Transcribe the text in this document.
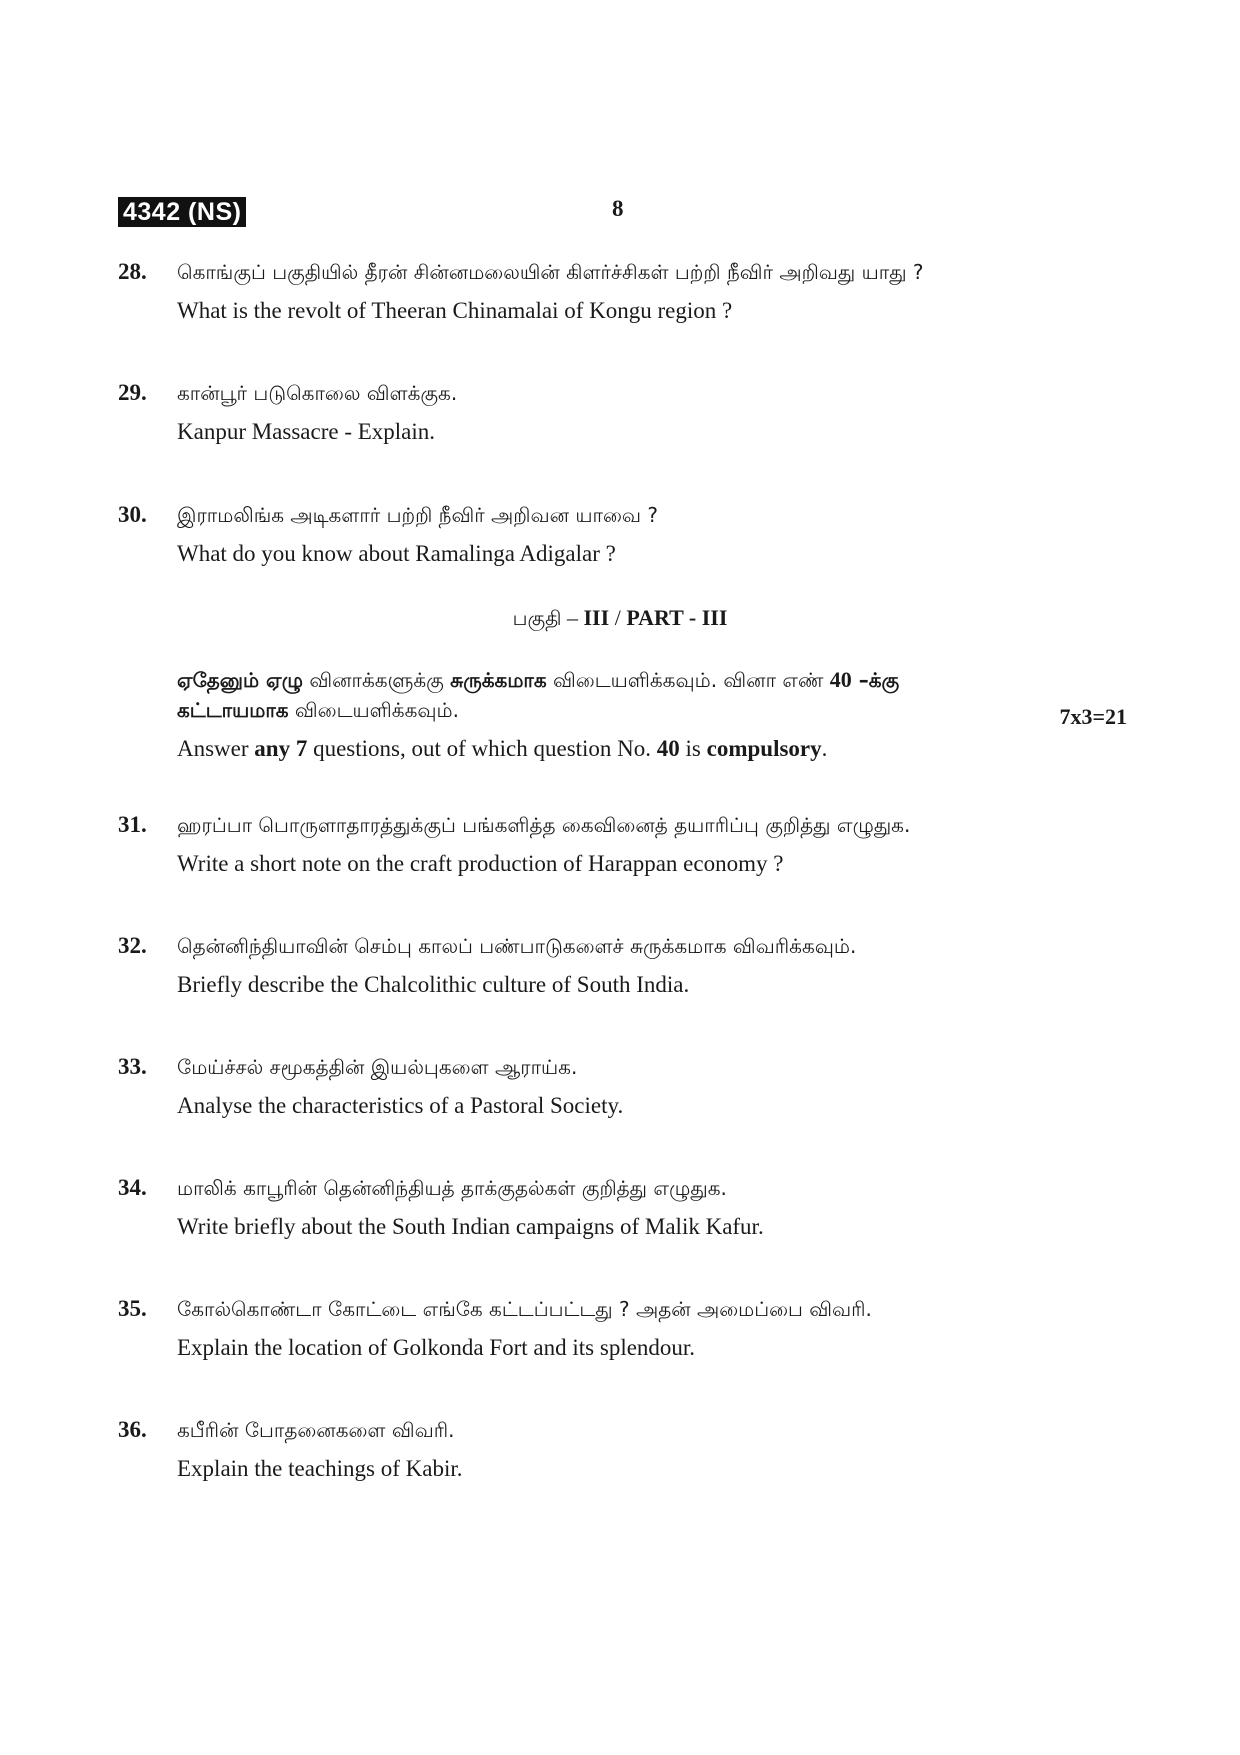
4342 (NS)	8
28. கொங்குப் பகுதியில் தீரன் சின்னமலையின் கிளர்ச்சிகள் பற்றி நீவிர் அறிவது யாது ?

What is the revolt of Theeran Chinamalai of Kongu region ?

29. கான்பூர் படுகொலை விளக்குக.

Kanpur Massacre - Explain.

30. இராமலிங்க அடிகளார் பற்றி நீவிர் அறிவன யாவை ?

What do you know about Ramalinga Adigalar ?

பகுதி – III / PART - III

ஏதேனும் ஏழு வினாக்களுக்கு சுருக்கமாக விடையளிக்கவும். வினா எண் 40 –க்கு

கட்டாயமாக விடையளிக்கவும்.	7x3=21

Answer any 7 questions, out of which question No. 40 is compulsory.

31. ஹரப்பா பொருளாதாரத்துக்குப் பங்களித்த கைவினைத் தயாரிப்பு குறித்து எழுதுக.

Write a short note on the craft production of Harappan economy ?

32. தென்னிந்தியாவின் செம்பு காலப் பண்பாடுகளைச் சுருக்கமாக விவரிக்கவும்.

Briefly describe the Chalcolithic culture of South India.

33. மேய்ச்சல் சமூகத்தின் இயல்புகளை ஆராய்க.

Analyse the characteristics of a Pastoral Society.

34. மாலிக் காபூரின் தென்னிந்தியத் தாக்குதல்கள் குறித்து எழுதுக.

Write briefly about the South Indian campaigns of Malik Kafur.

35. கோல்கொண்டா கோட்டை எங்கே கட்டப்பட்டது ? அதன் அமைப்பை விவரி.

Explain the location of Golkonda Fort and its splendour.

36. கபீரின் போதனைகளை விவரி.

Explain the teachings of Kabir.
